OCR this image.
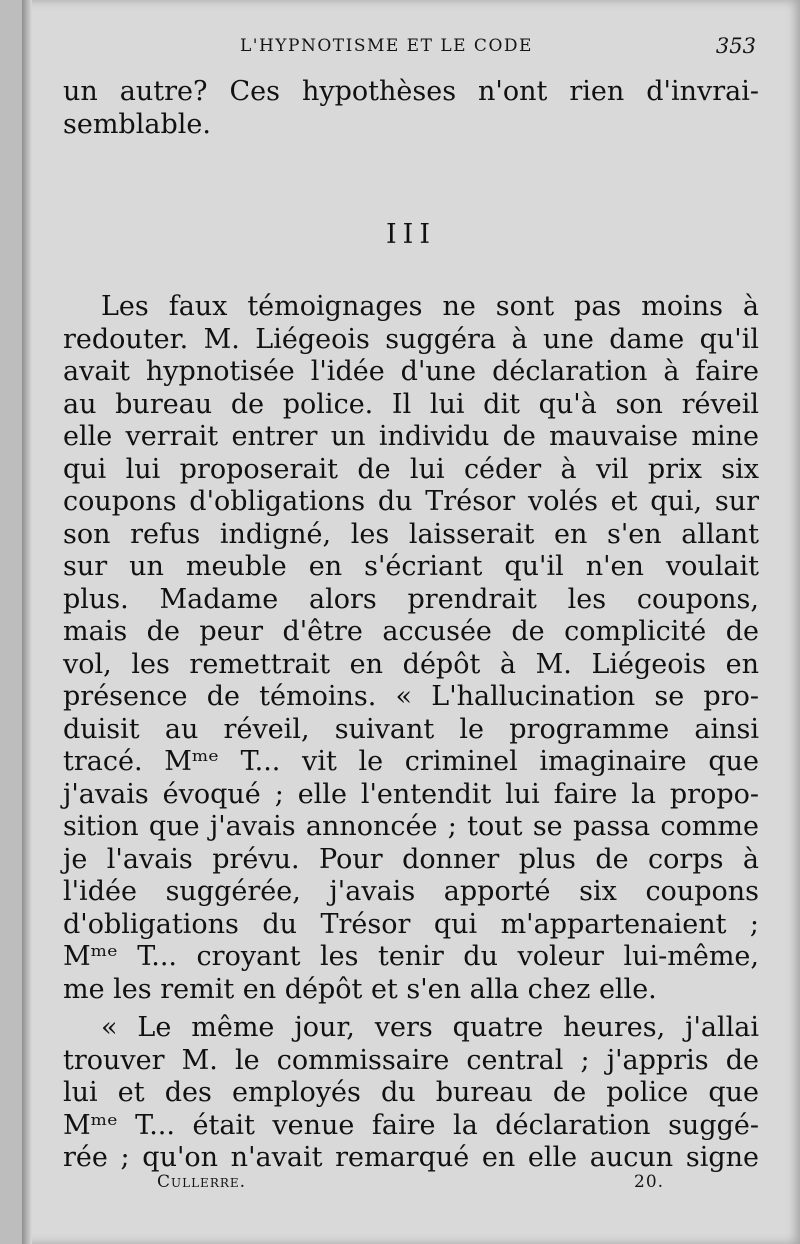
L'HYPNOTISME ET LE CODE	353

un autre? Ces hypothèses n'ont rien d'invrai-

semblable.

III

Les faux témoignages ne sont pas moins à

redouter. M. Liégeois suggéra à une dame qu'il

avait hypnotisée l'idée d'une déclaration à faire

au bureau de police. Il lui dit qu'à son réveil

elle verrait entrer un individu de mauvaise mine

qui lui proposerait de lui céder à vil prix six

coupons d'obligations du Trésor volés et qui, sur

son refus indigné, les laisserait en s'en allant

sur un meuble en s'écriant qu'il n'en voulait

plus. Madame alors prendrait les coupons,

mais de peur d'être accusée de complicité de

vol, les remettrait en dépôt à M. Liégeois en

présence de témoins. « L'hallucination se pro-

duisit au réveil, suivant le programme ainsi

tracé. Mᵐᵉ T... vit le criminel imaginaire que

j'avais évoqué ; elle l'entendit lui faire la propo-

sition que j'avais annoncée ; tout se passa comme

je l'avais prévu. Pour donner plus de corps à

l'idée suggérée, j'avais apporté six coupons

d'obligations du Trésor qui m'appartenaient ;

Mᵐᵉ T... croyant les tenir du voleur lui-même,

me les remit en dépôt et s'en alla chez elle.

« Le même jour, vers quatre heures, j'allai

trouver M. le commissaire central ; j'appris de

lui et des employés du bureau de police que

Mᵐᵉ T... était venue faire la déclaration suggé-

rée ; qu'on n'avait remarqué en elle aucun signe

Cullerre.	20.
